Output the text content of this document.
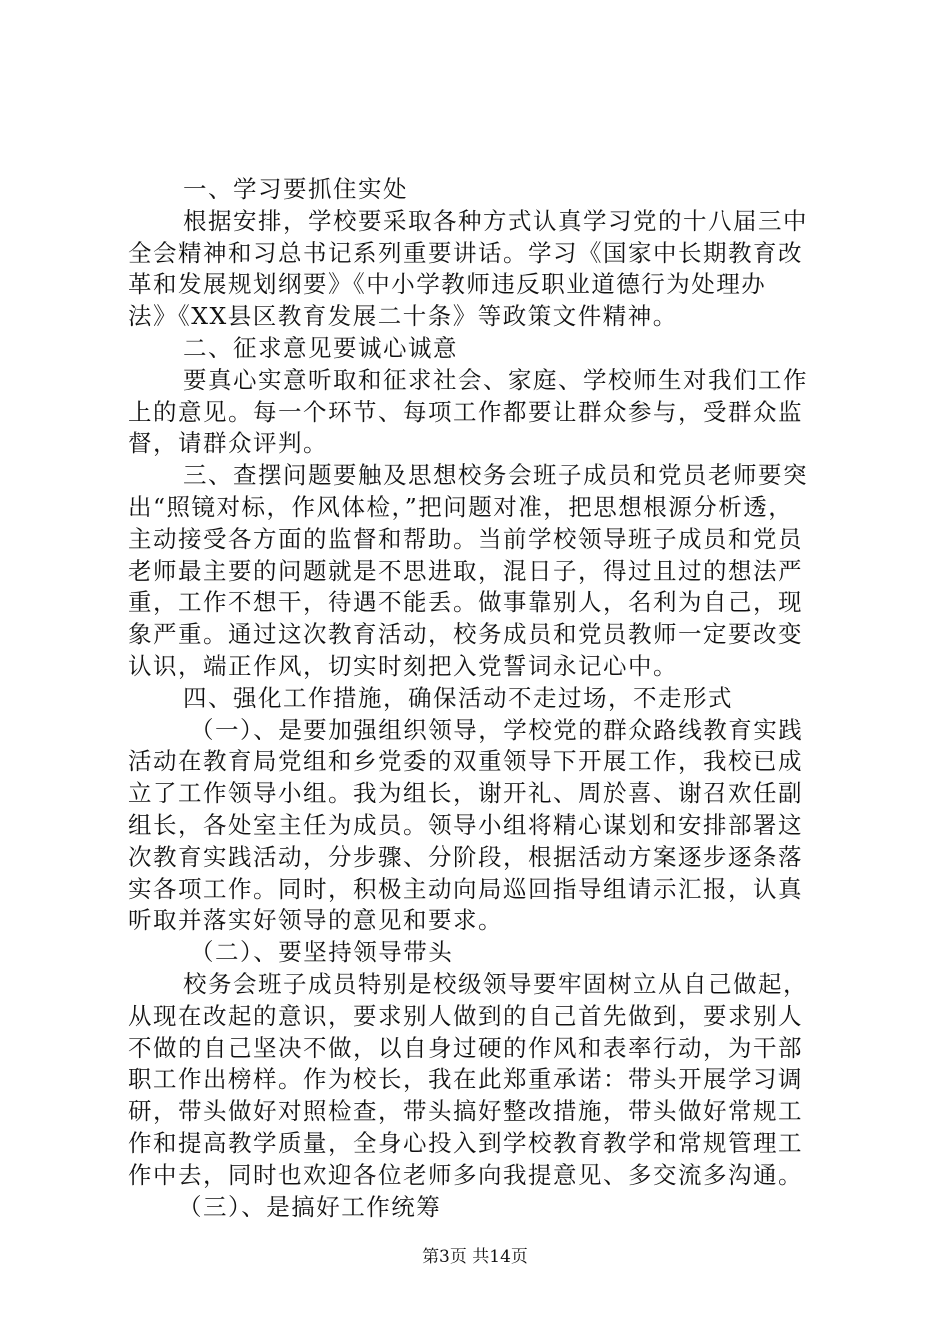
一、学习要抓住实处
根据安排，学校要采取各种方式认真学习党的十八届三中
全会精神和习总书记系列重要讲话。学习《国家中长期教育改
革和发展规划纲要》《中小学教师违反职业道德行为处理办
法》《XX县区教育发展二十条》等政策文件精神。
二、征求意见要诚心诚意
要真心实意听取和征求社会、家庭、学校师生对我们工作
上的意见。每一个环节、每项工作都要让群众参与，受群众监
督，请群众评判。
三、查摆问题要触及思想校务会班子成员和党员老师要突
出“照镜对标，作风体检，”把问题对准，把思想根源分析透，
主动接受各方面的监督和帮助。当前学校领导班子成员和党员
老师最主要的问题就是不思进取，混日子，得过且过的想法严
重，工作不想干，待遇不能丢。做事靠别人，名利为自己，现
象严重。通过这次教育活动，校务成员和党员教师一定要改变
认识，端正作风，切实时刻把入党誓词永记心中。
四、强化工作措施，确保活动不走过场，不走形式
（一）、是要加强组织领导，学校党的群众路线教育实践
活动在教育局党组和乡党委的双重领导下开展工作，我校已成
立了工作领导小组。我为组长，谢开礼、周於喜、谢召欢任副
组长，各处室主任为成员。领导小组将精心谋划和安排部署这
次教育实践活动，分步骤、分阶段，根据活动方案逐步逐条落
实各项工作。同时，积极主动向局巡回指导组请示汇报，认真
听取并落实好领导的意见和要求。
（二）、要坚持领导带头
校务会班子成员特别是校级领导要牢固树立从自己做起，
从现在改起的意识，要求别人做到的自己首先做到，要求别人
不做的自己坚决不做，以自身过硬的作风和表率行动，为干部
职工作出榜样。作为校长，我在此郑重承诺：带头开展学习调
研，带头做好对照检查，带头搞好整改措施，带头做好常规工
作和提高教学质量，全身心投入到学校教育教学和常规管理工
作中去，同时也欢迎各位老师多向我提意见、多交流多沟通。
（三）、是搞好工作统筹
第3页 共14页
